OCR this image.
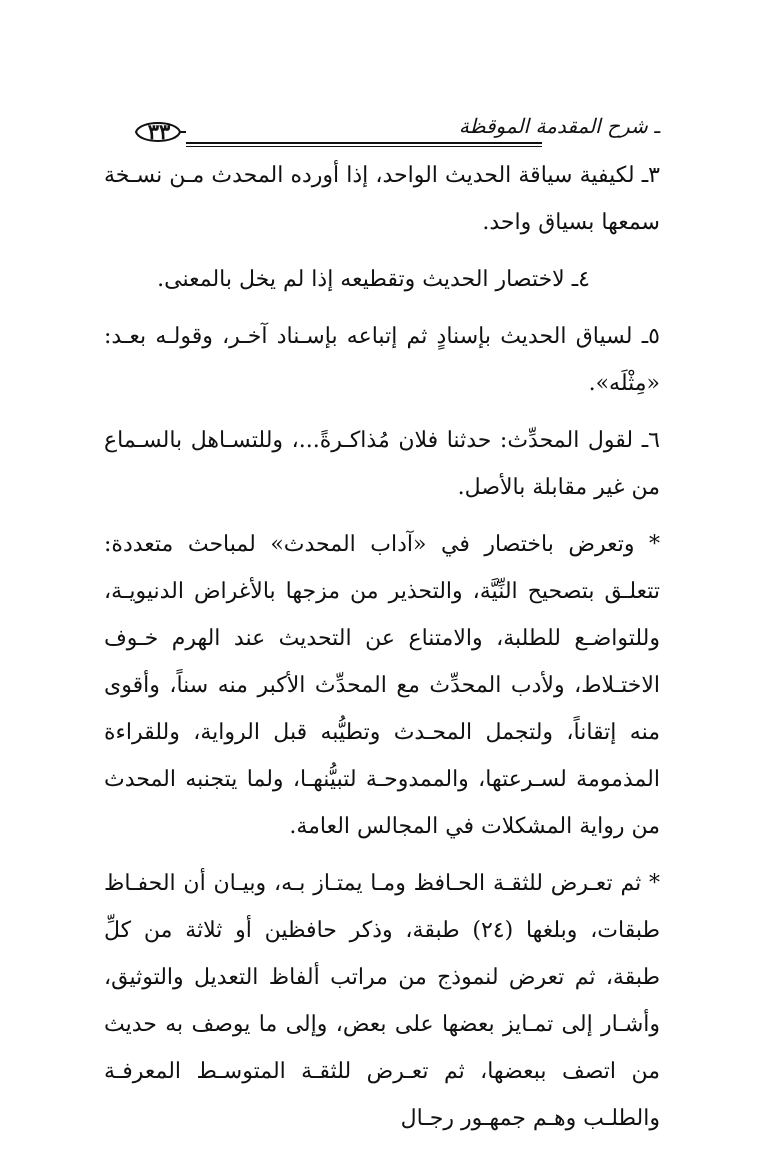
ـ شرح المقدمة الموقظة
٣٣

٣ـ لكيفية سياقة الحديث الواحد، إذا أورده المحدث مـن نسـخة سمعها بسياق واحد.

٤ـ لاختصار الحديث وتقطيعه إذا لم يخل بالمعنى.

٥ـ لسياق الحديث بإسنادٍ ثم إتباعه بإسـناد آخـر، وقولـه بعـد: «مِثْلَه».

٦ـ لقول المحدِّث: حدثنا فلان مُذاكـرةً...، وللتسـاهل بالسـماع من غير مقابلة بالأصل.

* وتعرض باختصار في «آداب المحدث» لمباحث متعددة: تتعلـق بتصحيح النِّيَّة، والتحذير من مزجها بالأغراض الدنيويـة، وللتواضـع للطلبة، والامتناع عن التحديث عند الهرم خـوف الاختـلاط، ولأدب المحدِّث مع المحدِّث الأكبر منه سناً، وأقوى منه إتقاناً، ولتجمل المحـدث وتطيُّبه قبل الرواية، وللقراءة المذمومة لسـرعتها، والممدوحـة لتبيُّنهـا، ولما يتجنبه المحدث من رواية المشكلات في المجالس العامة.

* ثم تعـرض للثقـة الحـافظ ومـا يمتـاز بـه، وبيـان أن الحفـاظ طبقات، وبلغها (٢٤) طبقة، وذكر حافظين أو ثلاثة من كلِّ طبقة، ثم تعرض لنموذج من مراتب ألفاظ التعديل والتوثيق، وأشـار إلى تمـايز بعضها على بعض، وإلى ما يوصف به حديث من اتصف ببعضها، ثم تعـرض للثقـة المتوسـط المعرفـة والطلـب وهـم جمهـور رجـال
